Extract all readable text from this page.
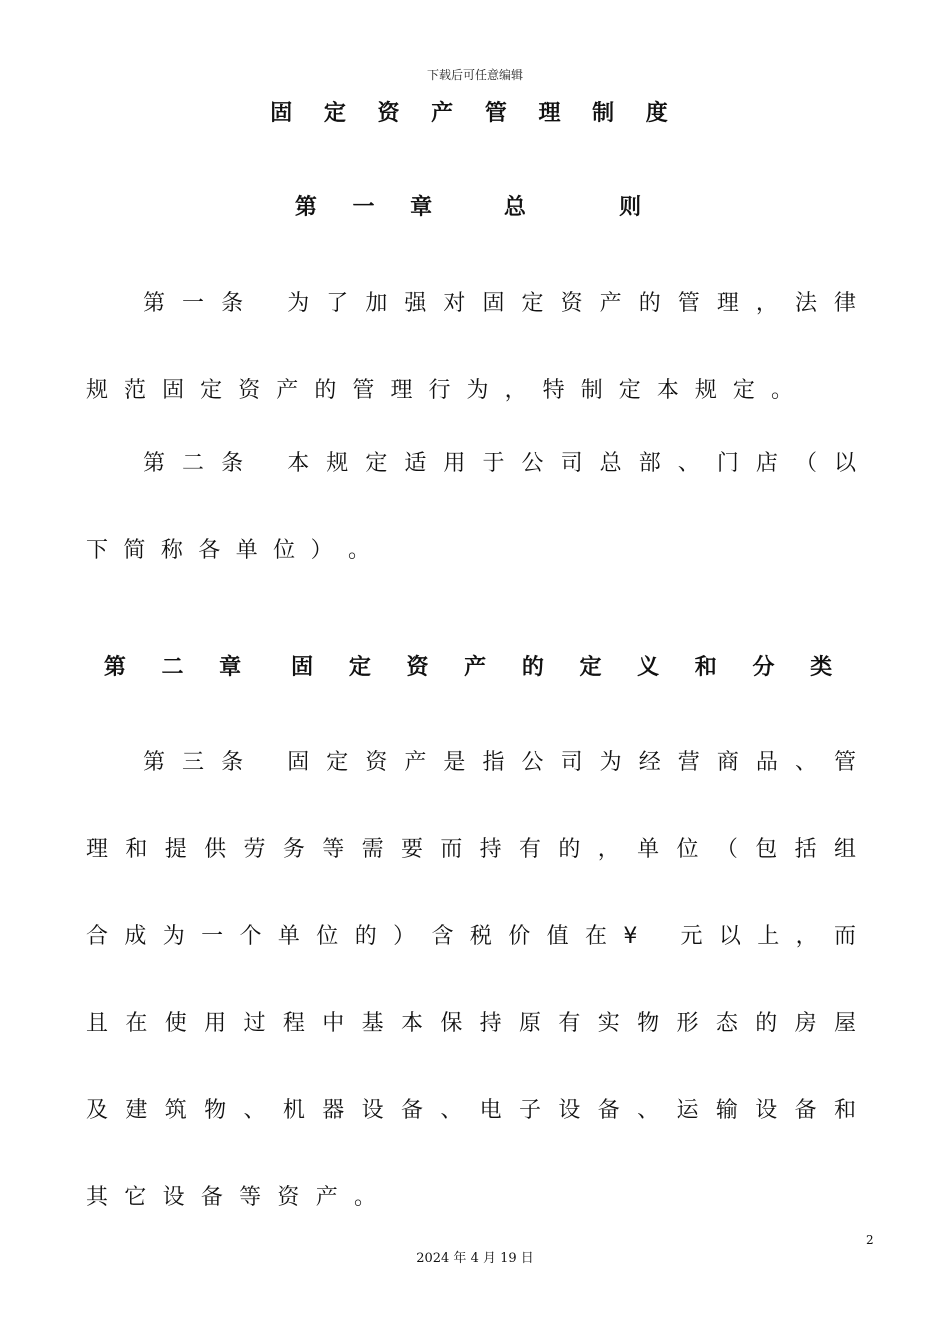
下载后可任意编辑
固 定 资 产 管 理 制 度
第 一 章　 总 　 则
第 一 条　 为 了 加 强 对 固 定 资 产 的 管 理 ， 法 律
规 范 固 定 资 产 的 管 理 行 为 ， 特 制 定 本 规 定 。
第 二 条　 本 规 定 适 用 于 公 司 总 部 、 门 店 （ 以
下 简 称 各 单 位 ） 。
第 二 章　固 定 资 产 的 定 义 和 分 类
第 三 条　 固 定 资 产 是 指 公 司 为 经 营 商 品 、 管
理 和 提 供 劳 务 等 需 要 而 持 有 的 ， 单 位 （ 包 括 组
合 成 为 一 个 单 位 的 ） 含 税 价 值 在 ¥　 元 以 上 ， 而
且 在 使 用 过 程 中 基 本 保 持 原 有 实 物 形 态 的 房 屋
及 建 筑 物 、 机 器 设 备 、 电 子 设 备 、 运 输 设 备 和
其 它 设 备 等 资 产 。
2
2024 年 4 月 19 日
